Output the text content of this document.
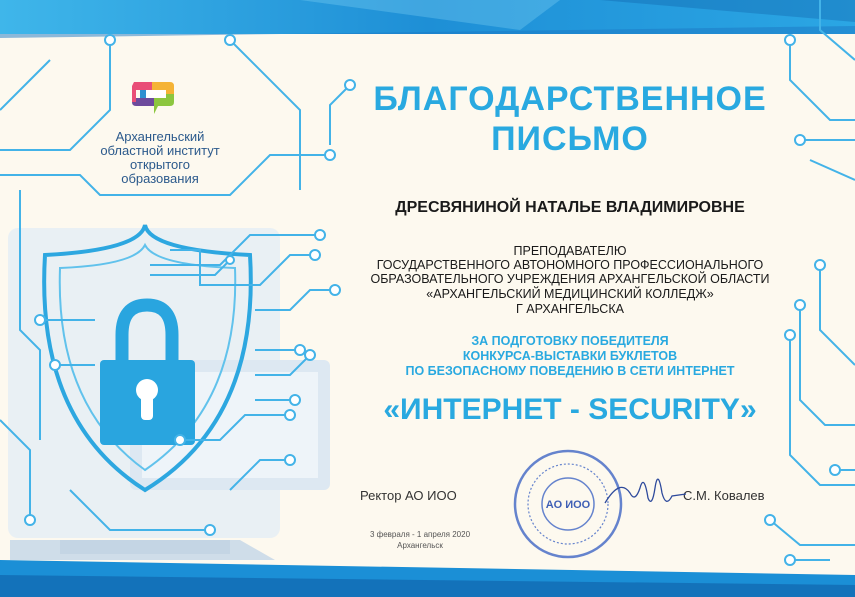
Архангельский
областной институт
открытого
образования
БЛАГОДАРСТВЕННОЕ
ПИСЬМО
ДРЕСВЯНИНОЙ НАТАЛЬЕ ВЛАДИМИРОВНЕ
ПРЕПОДАВАТЕЛЮ
ГОСУДАРСТВЕННОГО АВТОНОМНОГО ПРОФЕССИОНАЛЬНОГО
ОБРАЗОВАТЕЛЬНОГО УЧРЕЖДЕНИЯ АРХАНГЕЛЬСКОЙ ОБЛАСТИ
«АРХАНГЕЛЬСКИЙ МЕДИЦИНСКИЙ КОЛЛЕДЖ»
Г АРХАНГЕЛЬСКА
ЗА ПОДГОТОВКУ ПОБЕДИТЕЛЯ
КОНКУРСА-ВЫСТАВКИ БУКЛЕТОВ
ПО БЕЗОПАСНОМУ ПОВЕДЕНИЮ В СЕТИ ИНТЕРНЕТ
«ИНТЕРНЕТ - SECURITY»
Ректор АО ИОО	С.М. Ковалев
АО ИОО
3 февраля - 1 апреля 2020
Архангельск
